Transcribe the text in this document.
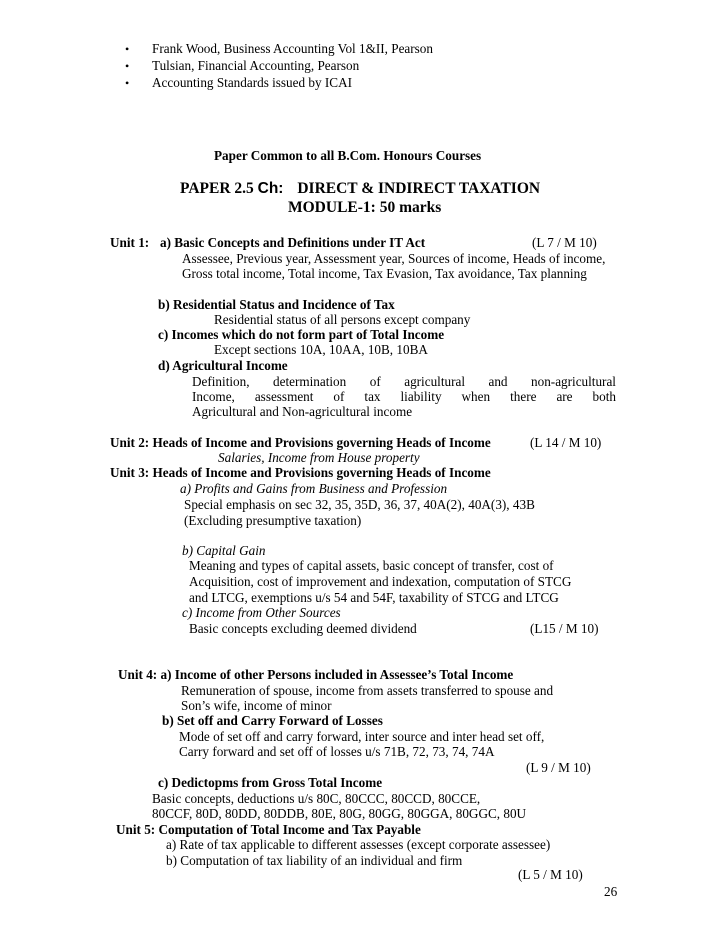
• Frank Wood, Business Accounting Vol 1&II, Pearson
• Tulsian, Financial Accounting, Pearson
• Accounting Standards issued by ICAI
Paper Common to all B.Com. Honours Courses
PAPER 2.5 Ch: DIRECT & INDIRECT TAXATION
MODULE-1: 50 marks
Unit 1: a) Basic Concepts and Definitions under IT Act	(L 7 / M 10)
Assessee, Previous year, Assessment year, Sources of income, Heads of income,
Gross total income, Total income, Tax Evasion, Tax avoidance, Tax planning
b) Residential Status and Incidence of Tax
Residential status of all persons except company
c) Incomes which do not form part of Total Income
Except sections 10A, 10AA, 10B, 10BA
d) Agricultural Income
Definition, determination of agricultural and non-agricultural
Income, assessment of tax liability when there are both
Agricultural and Non-agricultural income
Unit 2: Heads of Income and Provisions governing Heads of Income	(L 14 / M 10)
Salaries, Income from House property
Unit 3: Heads of Income and Provisions governing Heads of Income
a) Profits and Gains from Business and Profession
Special emphasis on sec 32, 35, 35D, 36, 37, 40A(2), 40A(3), 43B
(Excluding presumptive taxation)
b) Capital Gain
Meaning and types of capital assets, basic concept of transfer, cost of
Acquisition, cost of improvement and indexation, computation of STCG
and LTCG, exemptions u/s 54 and 54F, taxability of STCG and LTCG
c) Income from Other Sources
Basic concepts excluding deemed dividend	(L15 / M 10)
Unit 4: a) Income of other Persons included in Assessee’s Total Income
Remuneration of spouse, income from assets transferred to spouse and
Son’s wife, income of minor
b) Set off and Carry Forward of Losses
Mode of set off and carry forward, inter source and inter head set off,
Carry forward and set off of losses u/s 71B, 72, 73, 74, 74A
(L 9 / M 10)
c) Dedictopms from Gross Total Income
Basic concepts, deductions u/s 80C, 80CCC, 80CCD, 80CCE,
80CCF, 80D, 80DD, 80DDB, 80E, 80G, 80GG, 80GGA, 80GGC, 80U
Unit 5: Computation of Total Income and Tax Payable
a) Rate of tax applicable to different assesses (except corporate assessee)
b) Computation of tax liability of an individual and firm
(L 5 / M 10)
26
